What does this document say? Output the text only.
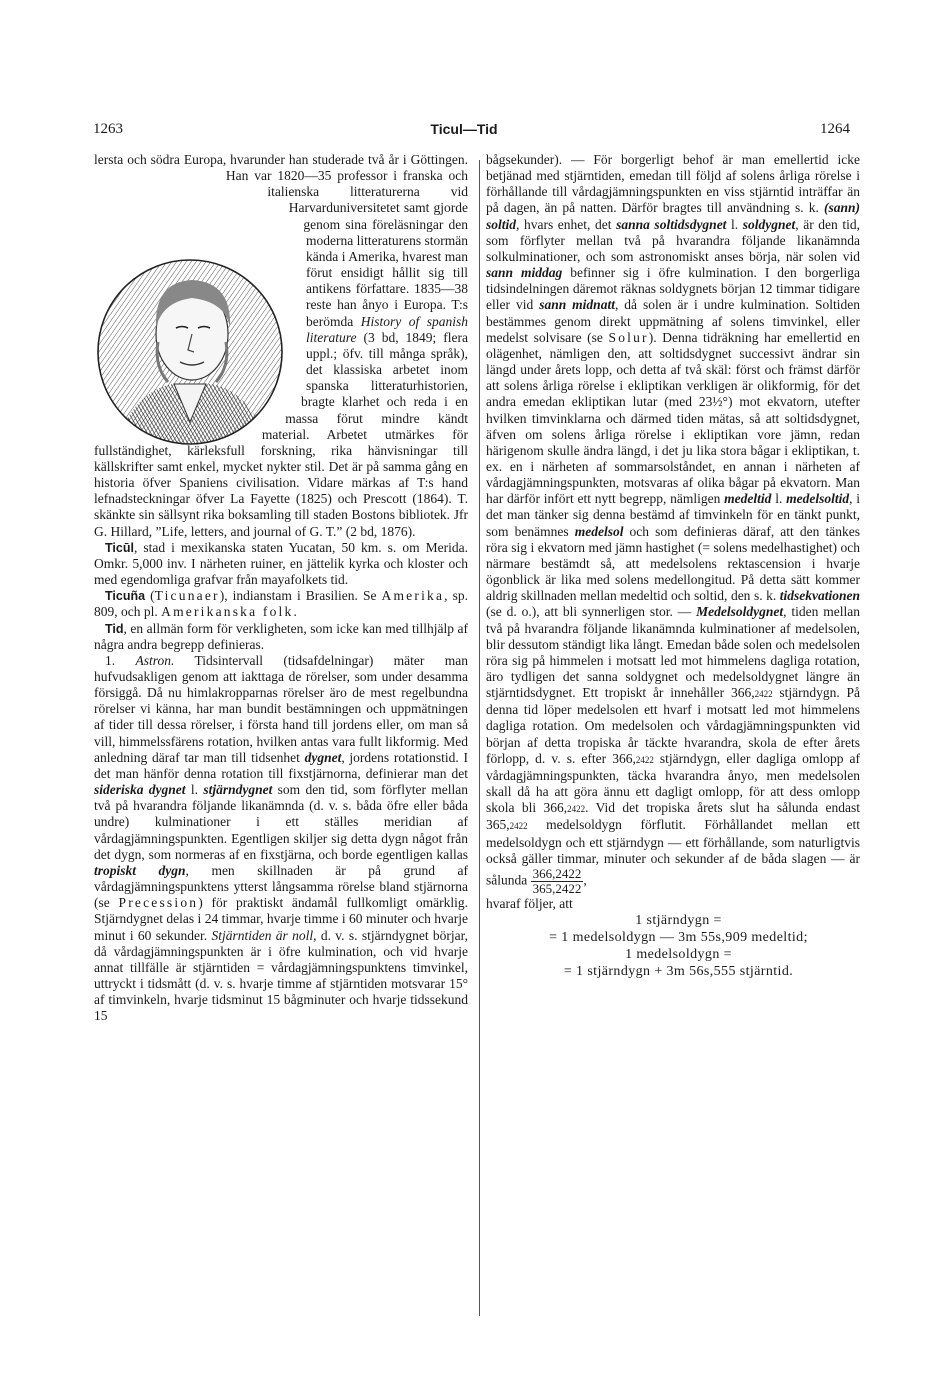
1263	Ticul—Tid	1264

lersta och södra Europa, hvarunder han studerade två år i Göttingen. Han var 1820—35 professor i franska och italienska litteraturerna vid Harvarduniversitetet samt gjorde genom sina föreläsningar den moderna litteraturens stormän kända i Amerika, hvarest man förut ensidigt hållit sig till antikens författare. 1835—38 reste han ånyo i Europa. T:s berömda History of spanish literature (3 bd, 1849; flera uppl.; öfv. till många språk), det klassiska arbetet inom spanska litteraturhistorien, bragte klarhet och reda i en massa förut mindre kändt material. Arbetet utmärkes för fullständighet, kärleksfull forskning, rika hänvisningar till källskrifter samt enkel, mycket nykter stil. Det är på samma gång en historia öfver Spaniens civilisation. Vidare märkas af T:s hand lefnadsteckningar öfver La Fayette (1825) och Prescott (1864). T. skänkte sin sällsynt rika boksamling till staden Bostons bibliotek. Jfr G. Hillard, ”Life, letters, and journal of G. T.” (2 bd, 1876).

Ticūl, stad i mexikanska staten Yucatan, 50 km. s. om Merida. Omkr. 5,000 inv. I närheten ruiner, en jättelik kyrka och kloster och med egendomliga grafvar från mayafolkets tid.

Ticuña (Ticunaer), indianstam i Brasilien. Se Amerika, sp. 809, och pl. Amerikanska folk.

Tid, en allmän form för verkligheten, som icke kan med tillhjälp af några andra begrepp definieras.

1. Astron. Tidsintervall (tidsafdelningar) mäter man hufvudsakligen genom att iakttaga de rörelser, som under desamma försiggå. Då nu himlakropparnas rörelser äro de mest regelbundna rörelser vi känna, har man bundit bestämningen och uppmätningen af tider till dessa rörelser, i första hand till jordens eller, om man så vill, himmelssfärens rotation, hvilken antas vara fullt likformig. Med anledning däraf tar man till tidsenhet dygnet, jordens rotationstid. I det man hänför denna rotation till fixstjärnorna, definierar man det sideriska dygnet l. stjärndygnet som den tid, som förflyter mellan två på hvarandra följande likanämnda (d. v. s. båda öfre eller båda undre) kulminationer i ett ställes meridian af vårdagjämningspunkten. Egentligen skiljer sig detta dygn något från det dygn, som normeras af en fixstjärna, och borde egentligen kallas tropiskt dygn, men skillnaden är på grund af vårdagjämningspunktens ytterst långsamma rörelse bland stjärnorna (se Precession) för praktiskt ändamål fullkomligt omärklig. Stjärndygnet delas i 24 timmar, hvarje timme i 60 minuter och hvarje minut i 60 sekunder. Stjärntiden är noll, d. v. s. stjärndygnet börjar, då vårdagjämningspunkten är i öfre kulmination, och vid hvarje annat tillfälle är stjärntiden = vårdagjämningspunktens timvinkel, uttryckt i tidsmått (d. v. s. hvarje timme af stjärntiden motsvarar 15° af timvinkeln, hvarje tidsminut 15 bågminuter och hvarje tidssekund 15

bågsekunder). — För borgerligt behof är man emellertid icke betjänad med stjärntiden, emedan till följd af solens årliga rörelse i förhållande till vårdagjämningspunkten en viss stjärntid inträffar än på dagen, än på natten. Därför bragtes till användning s. k. (sann) soltid, hvars enhet, det sanna soltidsdygnet l. soldygnet, är den tid, som förflyter mellan två på hvarandra följande likanämnda solkulminationer, och som astronomiskt anses börja, när solen vid sann middag befinner sig i öfre kulmination. I den borgerliga tidsindelningen däremot räknas soldygnets början 12 timmar tidigare eller vid sann midnatt, då solen är i undre kulmination. Soltiden bestämmes genom direkt uppmätning af solens timvinkel, eller medelst solvisare (se Solur). Denna tidräkning har emellertid en olägenhet, nämligen den, att soltidsdygnet successivt ändrar sin längd under årets lopp, och detta af två skäl: först och främst därför att solens årliga rörelse i ekliptikan verkligen är olikformig, för det andra emedan ekliptikan lutar (med 23½°) mot ekvatorn, utefter hvilken timvinklarna och därmed tiden mätas, så att soltidsdygnet, äfven om solens årliga rörelse i ekliptikan vore jämn, redan härigenom skulle ändra längd, i det ju lika stora bågar i ekliptikan, t. ex. en i närheten af sommarsolståndet, en annan i närheten af vårdagjämningspunkten, motsvaras af olika bågar på ekvatorn. Man har därför infört ett nytt begrepp, nämligen medeltid l. medelsoltid, i det man tänker sig denna bestämd af timvinkeln för en tänkt punkt, som benämnes medelsol och som definieras däraf, att den tänkes röra sig i ekvatorn med jämn hastighet (= solens medelhastighet) och närmare bestämdt så, att medelsolens rektascension i hvarje ögonblick är lika med solens medellongitud. På detta sätt kommer aldrig skillnaden mellan medeltid och soltid, den s. k. tidsekvationen (se d. o.), att bli synnerligen stor. — Medelsoldygnet, tiden mellan två på hvarandra följande likanämnda kulminationer af medelsolen, blir dessutom ständigt lika långt. Emedan både solen och medelsolen röra sig på himmelen i motsatt led mot himmelens dagliga rotation, äro tydligen det sanna soldygnet och medelsoldygnet längre än stjärntidsdygnet. Ett tropiskt år innehåller 366,2422 stjärndygn. På denna tid löper medelsolen ett hvarf i motsatt led mot himmelens dagliga rotation. Om medelsolen och vårdagjämningspunkten vid början af detta tropiska år täckte hvarandra, skola de efter årets förlopp, d. v. s. efter 366,2422 stjärndygn, eller dagliga omlopp af vårdagjämningspunkten, täcka hvarandra ånyo, men medelsolen skall då ha att göra ännu ett dagligt omlopp, för att dess omlopp skola bli 366,2422. Vid det tropiska årets slut ha sålunda endast 365,2422 medelsoldygn förflutit. Förhållandet mellan ett medelsoldygn och ett stjärndygn — ett förhållande, som naturligtvis också gäller timmar, minuter och sekunder af de båda slagen — är sålunda $\frac{366,2422}{365,2422}$ ,

hvaraf följer, att

1 stjärndygn =

= 1 medelsoldygn — 3m 55s,909 medeltid;

1 medelsoldygn =

= 1 stjärndygn + 3m 56s,555 stjärntid.
